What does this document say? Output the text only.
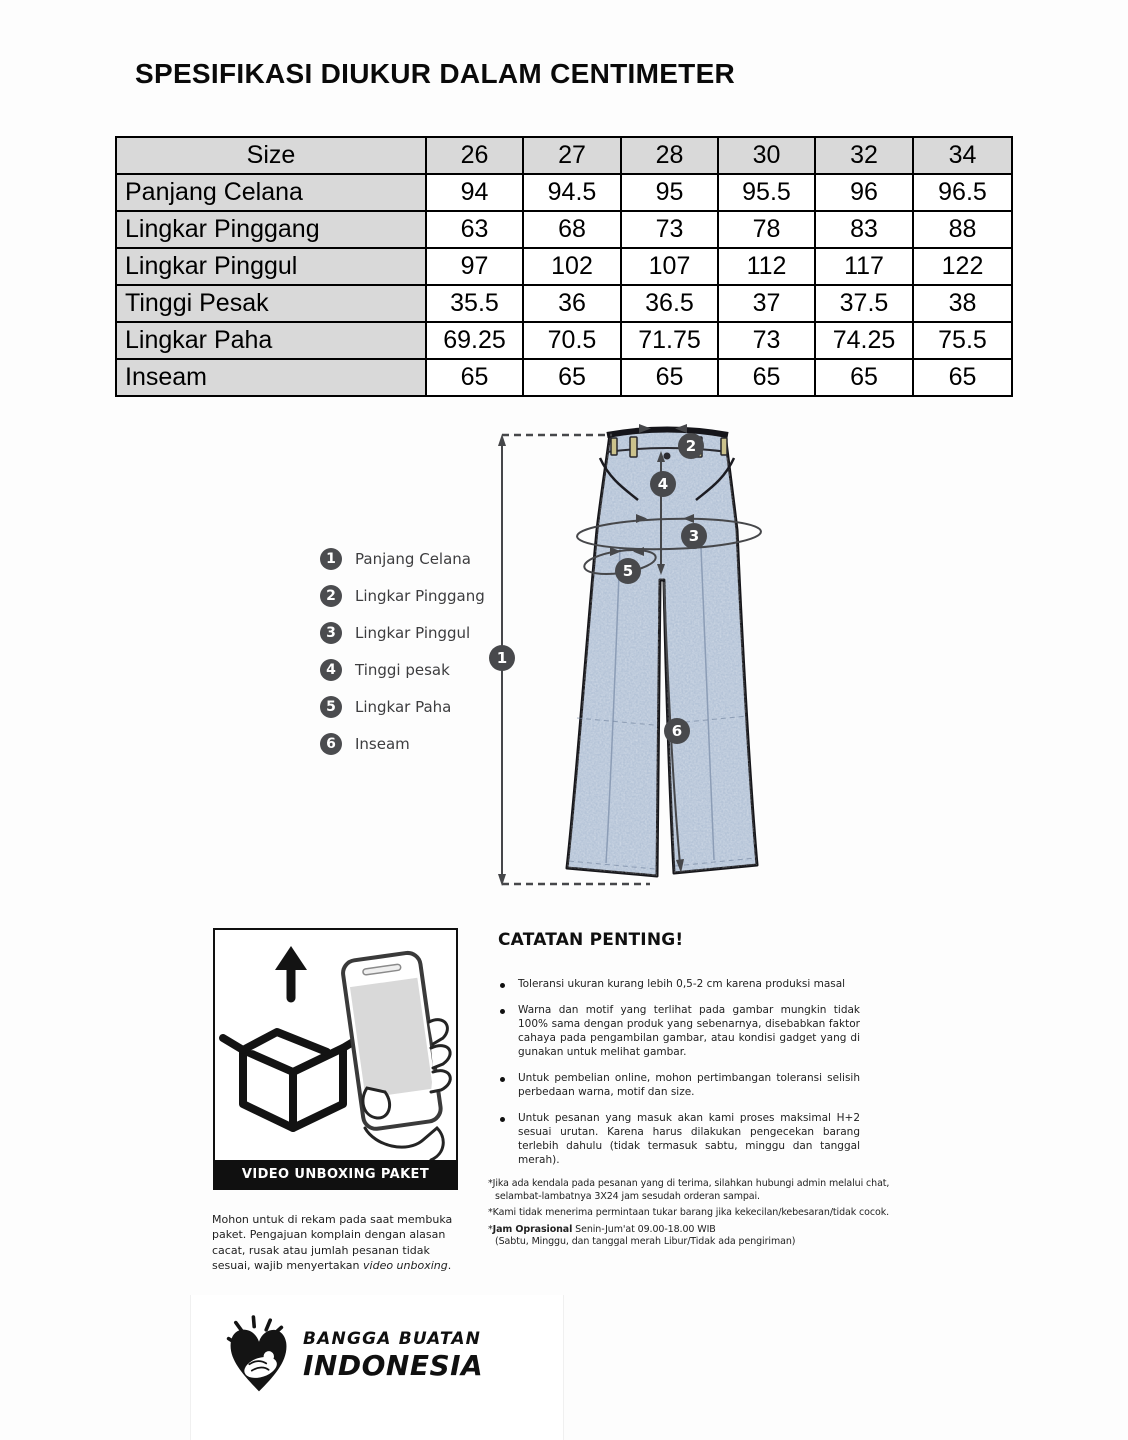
SPESIFIKASI DIUKUR DALAM CENTIMETER
Size	26	27	28	30	32	34
Panjang Celana	94	94.5	95	95.5	96	96.5
Lingkar Pinggang	63	68	73	78	83	88
Lingkar Pinggul	97	102	107	112	117	122
Tinggi Pesak	35.5	36	36.5	37	37.5	38
Lingkar Paha	69.25	70.5	71.75	73	74.25	75.5
Inseam	65	65	65	65	65	65
1
2
3
4
5
6
1	Panjang Celana
2	Lingkar Pinggang
3	Lingkar Pinggul
4	Tinggi pesak
5	Lingkar Paha
6	Inseam
VIDEO UNBOXING PAKET
Mohon untuk di rekam pada saat membuka paket. Pengajuan komplain dengan alasan cacat, rusak atau jumlah pesanan tidak sesuai, wajib menyertakan video unboxing.
CATATAN PENTING!
Toleransi ukuran kurang lebih 0,5-2 cm karena produksi masal
Warna dan motif yang terlihat pada gambar mungkin tidak 100% sama dengan produk yang sebenarnya, disebabkan faktor cahaya pada pengambilan gambar, atau kondisi gadget yang di gunakan untuk melihat gambar.
Untuk pembelian online, mohon pertimbangan toleransi selisih perbedaan warna, motif dan size.
Untuk pesanan yang masuk akan kami proses maksimal H+2 sesuai urutan. Karena harus dilakukan pengecekan barang terlebih dahulu (tidak termasuk sabtu, minggu dan tanggal merah).
*Jika ada kendala pada pesanan yang di terima, silahkan hubungi admin melalui chat,
selambat-lambatnya 3X24 jam sesudah orderan sampai.
*Kami tidak menerima permintaan tukar barang jika kekecilan/kebesaran/tidak cocok.
*Jam Oprasional Senin-Jum'at 09.00-18.00 WIB
(Sabtu, Minggu, dan tanggal merah Libur/Tidak ada pengiriman)
BANGGA BUATAN
INDONESIA
